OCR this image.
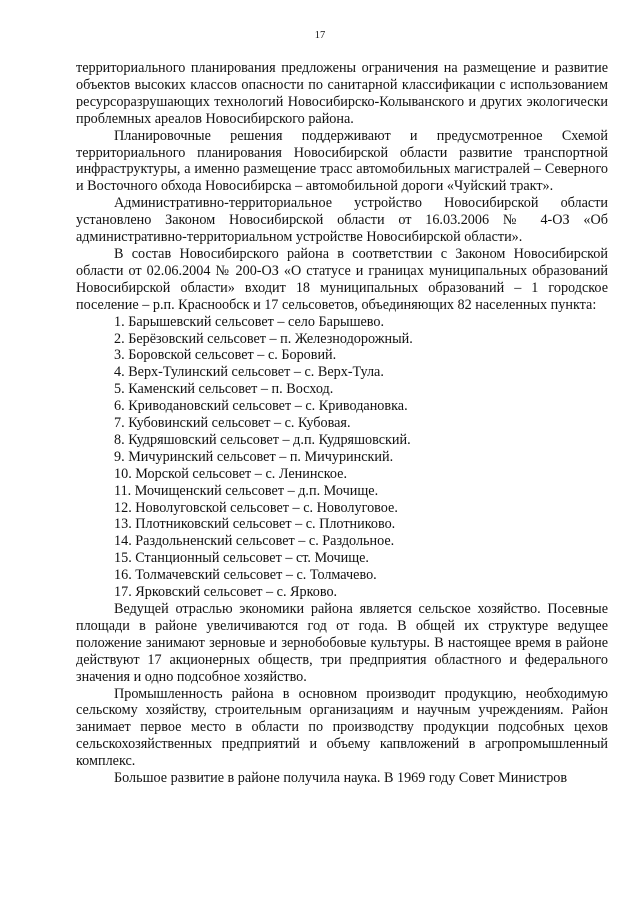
17

территориального планирования предложены ограничения на размещение и развитие объектов высоких классов опасности по санитарной классификации с использованием ресурсоразрушающих технологий Новосибирско-Колыванского и других экологически проблемных ареалов Новосибирского района.

Планировочные решения поддерживают и предусмотренное Схемой территориального планирования Новосибирской области развитие транспортной инфраструктуры, а именно размещение трасс автомобильных магистралей – Северного и Восточного обхода Новосибирска – автомобильной дороги «Чуйский тракт».

Административно-территориальное устройство Новосибирской области установлено Законом Новосибирской области от 16.03.2006 № 4-ОЗ «Об административно-территориальном устройстве Новосибирской области».

В состав Новосибирского района в соответствии с Законом Новосибирской области от 02.06.2004 № 200-ОЗ «О статусе и границах муниципальных образований Новосибирской области» входит 18 муниципальных образований – 1 городское поселение – р.п. Краснообск и 17 сельсоветов, объединяющих 82 населенных пункта:

1. Барышевский сельсовет – село Барышево.
2. Берёзовский сельсовет – п. Железнодорожный.
3. Боровской сельсовет – с. Боровий.
4. Верх-Тулинский сельсовет – с. Верх-Тула.
5. Каменский сельсовет – п. Восход.
6. Криводановский сельсовет – с. Криводановка.
7. Кубовинский сельсовет – с. Кубовая.
8. Кудряшовский сельсовет – д.п. Кудряшовский.
9. Мичуринский сельсовет – п. Мичуринский.
10. Морской сельсовет – с. Ленинское.
11. Мочищенский сельсовет – д.п. Мочище.
12. Новолуговской сельсовет – с. Новолуговое.
13. Плотниковский сельсовет – с. Плотниково.
14. Раздольненский сельсовет – с. Раздольное.
15. Станционный сельсовет – ст. Мочище.
16. Толмачевский сельсовет – с. Толмачево.
17. Ярковский сельсовет – с. Ярково.

Ведущей отраслью экономики района является сельское хозяйство. Посевные площади в районе увеличиваются год от года. В общей их структуре ведущее положение занимают зерновые и зернобобовые культуры. В настоящее время в районе действуют 17 акционерных обществ, три предприятия областного и федерального значения и одно подсобное хозяйство.

Промышленность района в основном производит продукцию, необходимую сельскому хозяйству, строительным организациям и научным учреждениям. Район занимает первое место в области по производству продукции подсобных цехов сельскохозяйственных предприятий и объему капвложений в агропромышленный комплекс.

Большое развитие в районе получила наука. В 1969 году Совет Министров
